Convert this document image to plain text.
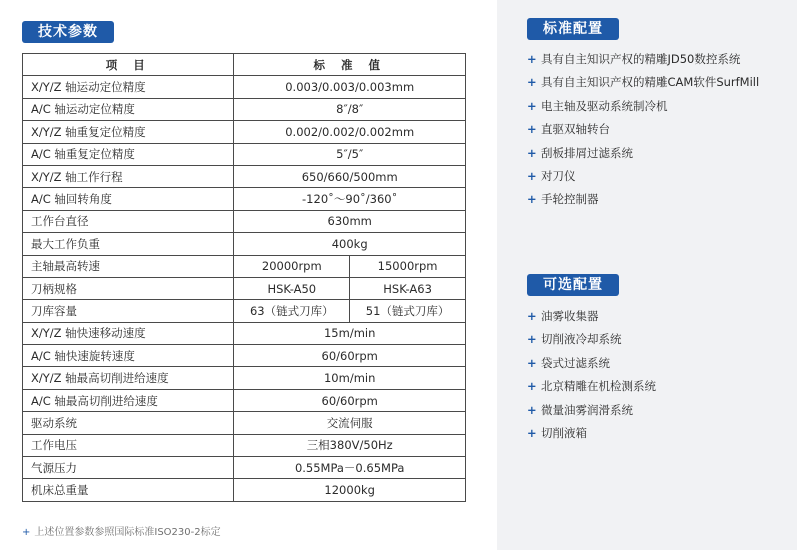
技术参数
项 目	标 准 值	
X/Y/Z 轴运动定位精度	0.003/0.003/0.003mm	
A/C 轴运动定位精度	8″/8″	
X/Y/Z 轴重复定位精度	0.002/0.002/0.002mm	
A/C 轴重复定位精度	5″/5″	
X/Y/Z 轴工作行程	650/660/500mm	
A/C 轴回转角度	-120˚～90˚/360˚	
工作台直径	630mm	
最大工作负重	400kg	
主轴最高转速	20000rpm	15000rpm
刀柄规格	HSK-A50	HSK-A63
刀库容量	63（链式刀库）	51（链式刀库）
X/Y/Z 轴快速移动速度	15m/min	
A/C 轴快速旋转速度	60/60rpm	
X/Y/Z 轴最高切削进给速度	10m/min	
A/C 轴最高切削进给速度	60/60rpm	
驱动系统	交流伺服	
工作电压	三相380V/50Hz	
气源压力	0.55MPa－0.65MPa	
机床总重量	12000kg	
+ 上述位置参数参照国际标准ISO230-2标定
标准配置
+ 具有自主知识产权的精雕JD50数控系统
+ 具有自主知识产权的精雕CAM软件SurfMill
+ 电主轴及驱动系统制冷机
+ 直驱双轴转台
+ 刮板排屑过滤系统
+ 对刀仪
+ 手轮控制器
可选配置
+ 油雾收集器
+ 切削液冷却系统
+ 袋式过滤系统
+ 北京精雕在机检测系统
+ 微量油雾润滑系统
+ 切削液箱
